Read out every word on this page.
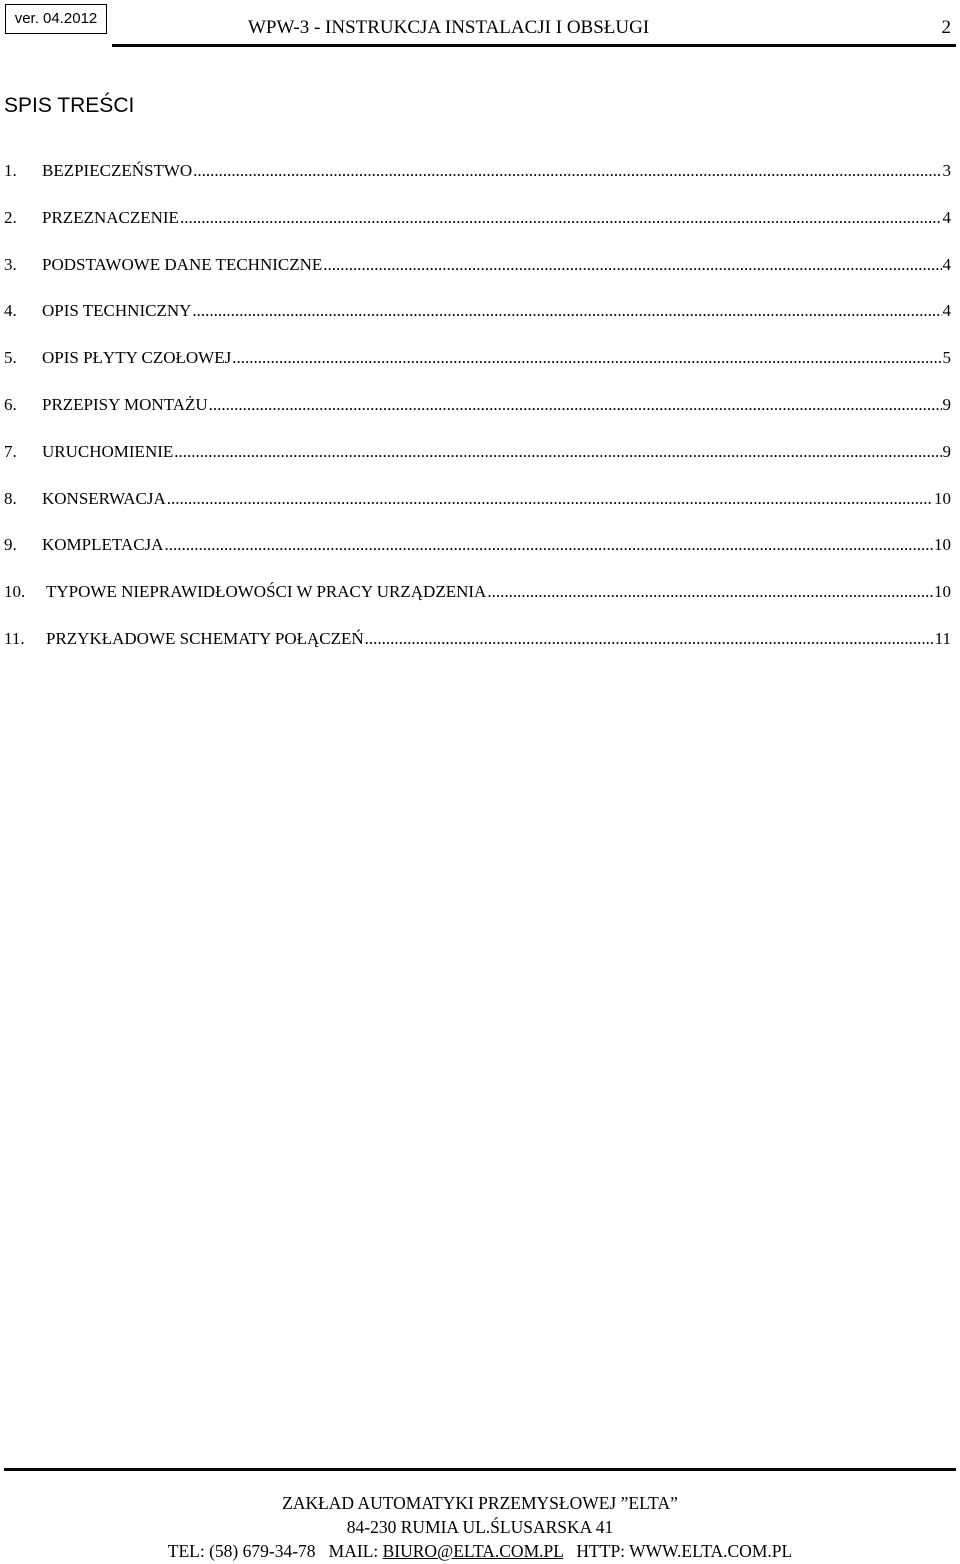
ver. 04.2012	WPW-3 - INSTRUKCJA INSTALACJI I OBSŁUGI	2
SPIS TREŚCI
1.	BEZPIECZEŃSTWO .....	3
2.	PRZEZNACZENIE .....	4
3.	PODSTAWOWE DANE TECHNICZNE .....	4
4.	OPIS TECHNICZNY .....	4
5.	OPIS PŁYTY CZOŁOWEJ .....	5
6.	PRZEPISY MONTAŻU .....	9
7.	URUCHOMIENIE .....	9
8.	KONSERWACJA .....	10
9.	KOMPLETACJA .....	10
10.	TYPOWE NIEPRAWIDŁOWOŚCI W PRACY URZĄDZENIA .....	10
11.	PRZYKŁADOWE SCHEMATY POŁĄCZEŃ .....	11
ZAKŁAD AUTOMATYKI PRZEMYSŁOWEJ ”ELTA”
84-230 RUMIA UL.ŚLUSARSKA 41
TEL: (58) 679-34-78 MAIL: BIURO@ELTA.COM.PL HTTP: WWW.ELTA.COM.PL
